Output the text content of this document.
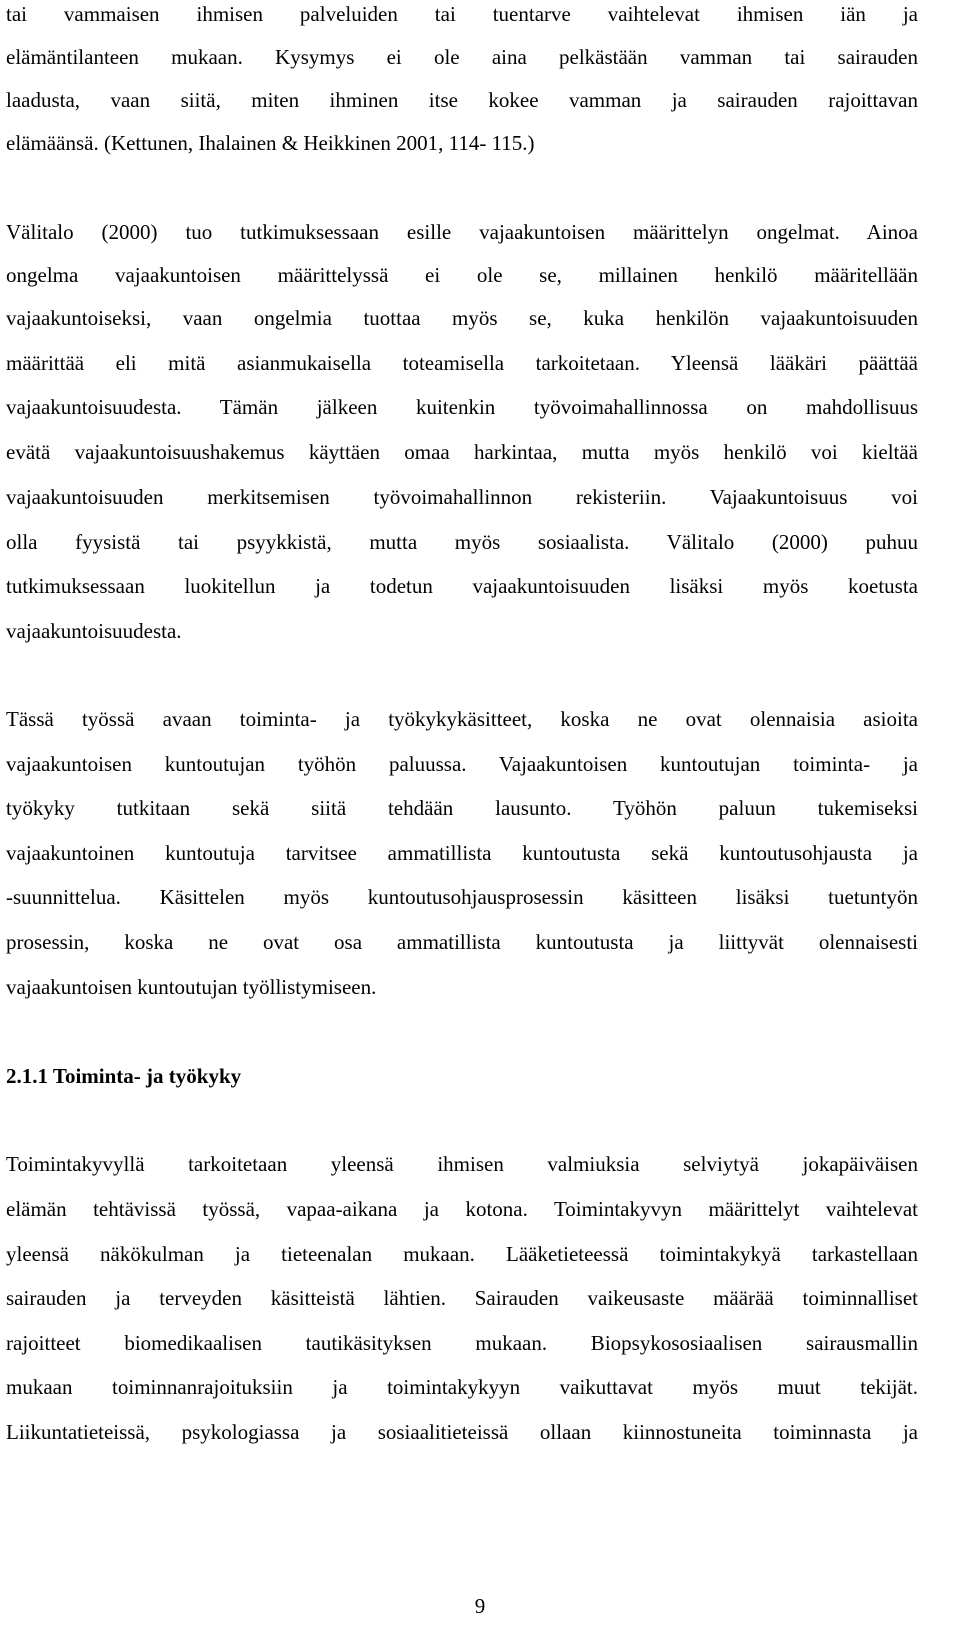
tai vammaisen ihmisen palveluiden tai tuentarve vaihtelevat ihmisen iän ja
elämäntilanteen mukaan. Kysymys ei ole aina pelkästään vamman tai sairauden
laadusta, vaan siitä, miten ihminen itse kokee vamman ja sairauden rajoittavan
elämäänsä. (Kettunen, Ihalainen & Heikkinen 2001, 114- 115.)
Välitalo (2000) tuo tutkimuksessaan esille vajaakuntoisen määrittelyn ongelmat. Ainoa
ongelma vajaakuntoisen määrittelyssä ei ole se, millainen henkilö määritellään
vajaakuntoiseksi, vaan ongelmia tuottaa myös se, kuka henkilön vajaakuntoisuuden
määrittää eli mitä asianmukaisella toteamisella tarkoitetaan. Yleensä lääkäri päättää
vajaakuntoisuudesta. Tämän jälkeen kuitenkin työvoimahallinnossa on mahdollisuus
evätä vajaakuntoisuushakemus käyttäen omaa harkintaa, mutta myös henkilö voi kieltää
vajaakuntoisuuden merkitsemisen työvoimahallinnon rekisteriin. Vajaakuntoisuus voi
olla fyysistä tai psyykkistä, mutta myös sosiaalista. Välitalo (2000) puhuu
tutkimuksessaan luokitellun ja todetun vajaakuntoisuuden lisäksi myös koetusta
vajaakuntoisuudesta.
Tässä työssä avaan toiminta- ja työkykykäsitteet, koska ne ovat olennaisia asioita
vajaakuntoisen kuntoutujan työhön paluussa. Vajaakuntoisen kuntoutujan toiminta- ja
työkyky tutkitaan sekä siitä tehdään lausunto. Työhön paluun tukemiseksi
vajaakuntoinen kuntoutuja tarvitsee ammatillista kuntoutusta sekä kuntoutusohjausta ja
-suunnittelua. Käsittelen myös kuntoutusohjausprosessin käsitteen lisäksi tuetuntyön
prosessin, koska ne ovat osa ammatillista kuntoutusta ja liittyvät olennaisesti
vajaakuntoisen kuntoutujan työllistymiseen.
2.1.1 Toiminta- ja työkyky
Toimintakyvyllä tarkoitetaan yleensä ihmisen valmiuksia selviytyä jokapäiväisen
elämän tehtävissä työssä, vapaa-aikana ja kotona. Toimintakyvyn määrittelyt vaihtelevat
yleensä näkökulman ja tieteenalan mukaan. Lääketieteessä toimintakykyä tarkastellaan
sairauden ja terveyden käsitteistä lähtien. Sairauden vaikeusaste määrää toiminnalliset
rajoitteet biomedikaalisen tautikäsityksen mukaan. Biopsykososiaalisen sairausmallin
mukaan toiminnanrajoituksiin ja toimintakykyyn vaikuttavat myös muut tekijät.
Liikuntatieteissä, psykologiassa ja sosiaalitieteissä ollaan kiinnostuneita toiminnasta ja
9
